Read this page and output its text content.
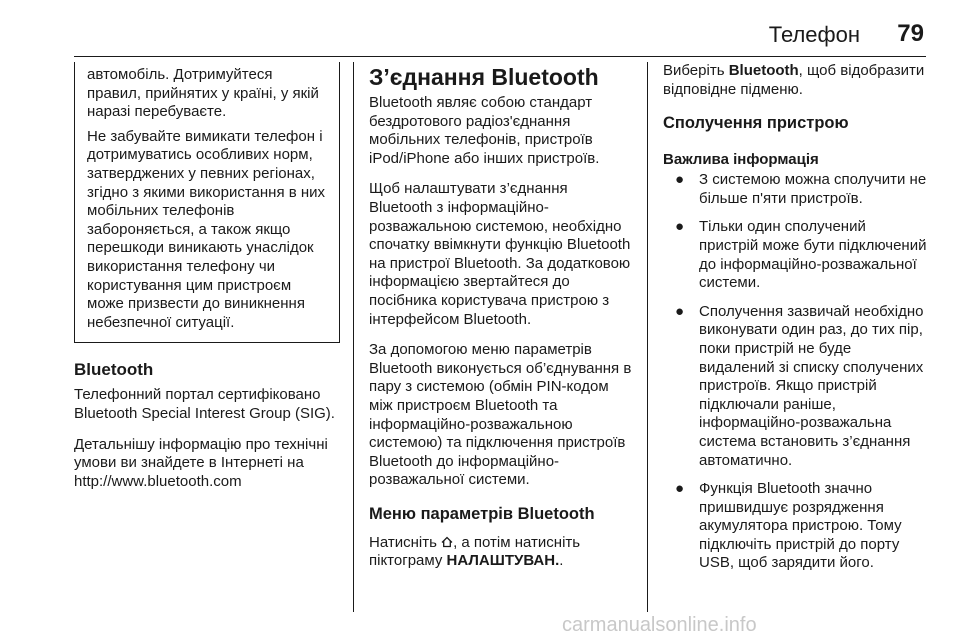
Телефон 79

автомобіль. Дотримуйтеся правил, прийнятих у країні, у якій наразі перебуваєте.

Не забувайте вимикати телефон і дотримуватись особливих норм, затверджених у певних регіонах, згідно з якими використання в них мобільних телефонів забороняється, а також якщо перешкоди виникають унаслідок використання телефону чи користування цим пристроєм може призвести до виникнення небезпечної ситуації.

Bluetooth

Телефонний портал сертифіковано Bluetooth Special Interest Group (SIG).

Детальнішу інформацію про технічні умови ви знайдете в Інтернеті на http://www.bluetooth.com

З’єднання Bluetooth

Bluetooth являє собою стандарт бездротового радіоз'єднання мобільних телефонів, пристроїв iPod/iPhone або інших пристроїв.

Щоб налаштувати з’єднання Bluetooth з інформаційно-розважальною системою, необхідно спочатку ввімкнути функцію Bluetooth на пристрої Bluetooth. За додатковою інформацією звертайтеся до посібника користувача пристрою з інтерфейсом Bluetooth.

За допомогою меню параметрів Bluetooth виконується об’єднування в пару з системою (обмін PIN-кодом між пристроєм Bluetooth та інформаційно-розважальною системою) та підключення пристроїв Bluetooth до інформаційно-розважальної системи.

Меню параметрів Bluetooth

Натисніть , а потім натисніть піктограму НАЛАШТУВАН..

Виберіть Bluetooth, щоб відобразити відповідне підменю.

Сполучення пристрою
Важлива інформація
● З системою можна сполучити не більше п'яти пристроїв.
● Тільки один сполучений пристрій може бути підключений до інформаційно-розважальної системи.
● Сполучення зазвичай необхідно виконувати один раз, до тих пір, поки пристрій не буде видалений зі списку сполучених пристроїв. Якщо пристрій підключали раніше, інформаційно-розважальна система встановить з’єднання автоматично.
● Функція Bluetooth значно пришвидшує розрядження акумулятора пристрою. Тому підключіть пристрій до порту USB, щоб зарядити його.
carmanualsonline.info
